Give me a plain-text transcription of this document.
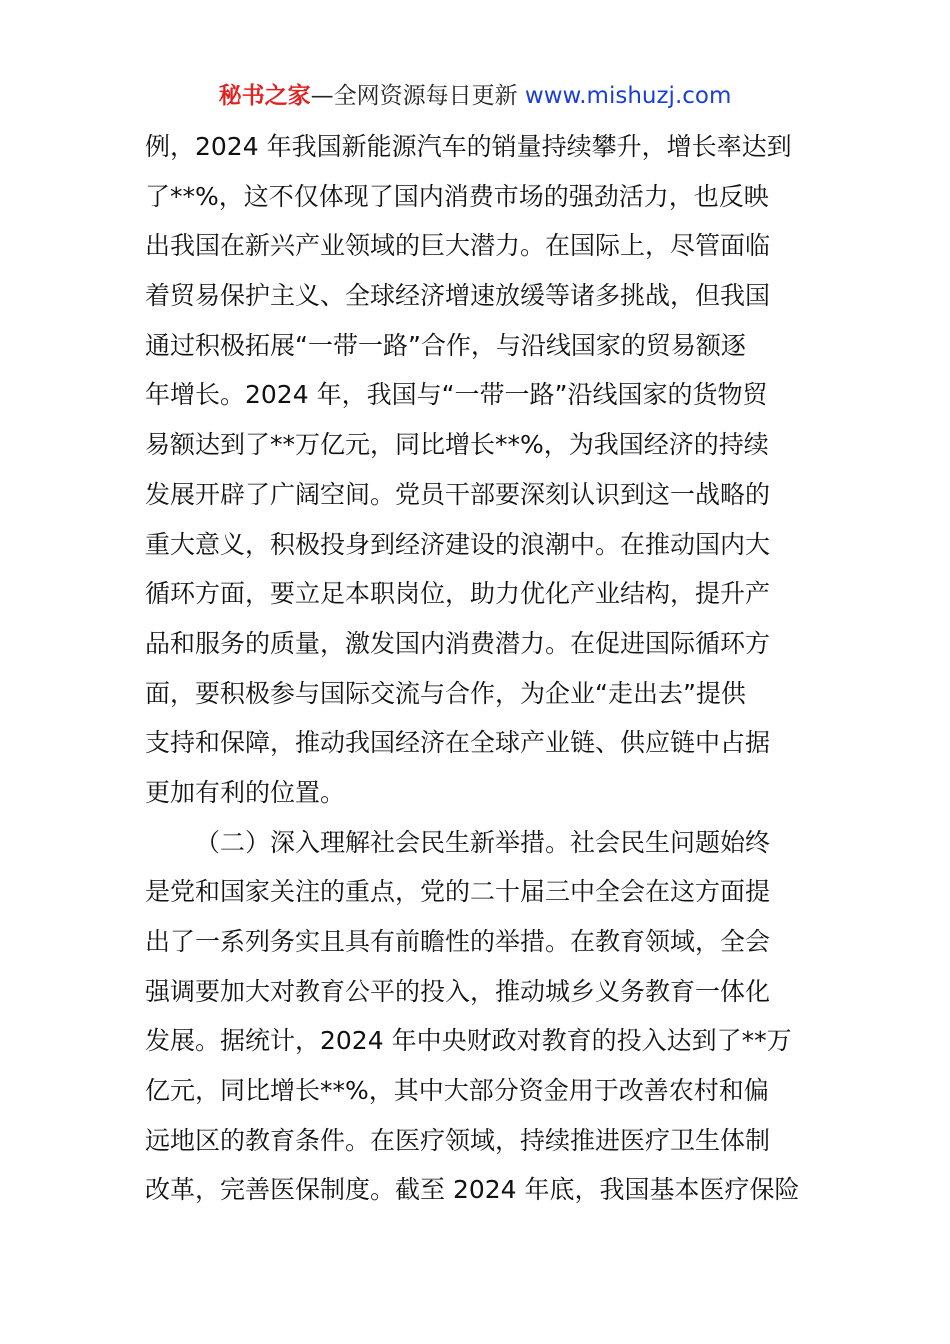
秘书之家—全网资源每日更新 www.mishuzj.com
例，2024 年我国新能源汽车的销量持续攀升，增长率达到
了**%，这不仅体现了国内消费市场的强劲活力，也反映
出我国在新兴产业领域的巨大潜力。在国际上，尽管面临
着贸易保护主义、全球经济增速放缓等诸多挑战，但我国
通过积极拓展“一带一路”合作，与沿线国家的贸易额逐
年增长。2024 年，我国与“一带一路”沿线国家的货物贸
易额达到了**万亿元，同比增长**%，为我国经济的持续
发展开辟了广阔空间。党员干部要深刻认识到这一战略的
重大意义，积极投身到经济建设的浪潮中。在推动国内大
循环方面，要立足本职岗位，助力优化产业结构，提升产
品和服务的质量，激发国内消费潜力。在促进国际循环方
面，要积极参与国际交流与合作，为企业“走出去”提供
支持和保障，推动我国经济在全球产业链、供应链中占据
更加有利的位置。
（二）深入理解社会民生新举措。社会民生问题始终
是党和国家关注的重点，党的二十届三中全会在这方面提
出了一系列务实且具有前瞻性的举措。在教育领域，全会
强调要加大对教育公平的投入，推动城乡义务教育一体化
发展。据统计，2024 年中央财政对教育的投入达到了**万
亿元，同比增长**%，其中大部分资金用于改善农村和偏
远地区的教育条件。在医疗领域，持续推进医疗卫生体制
改革，完善医保制度。截至 2024 年底，我国基本医疗保险
